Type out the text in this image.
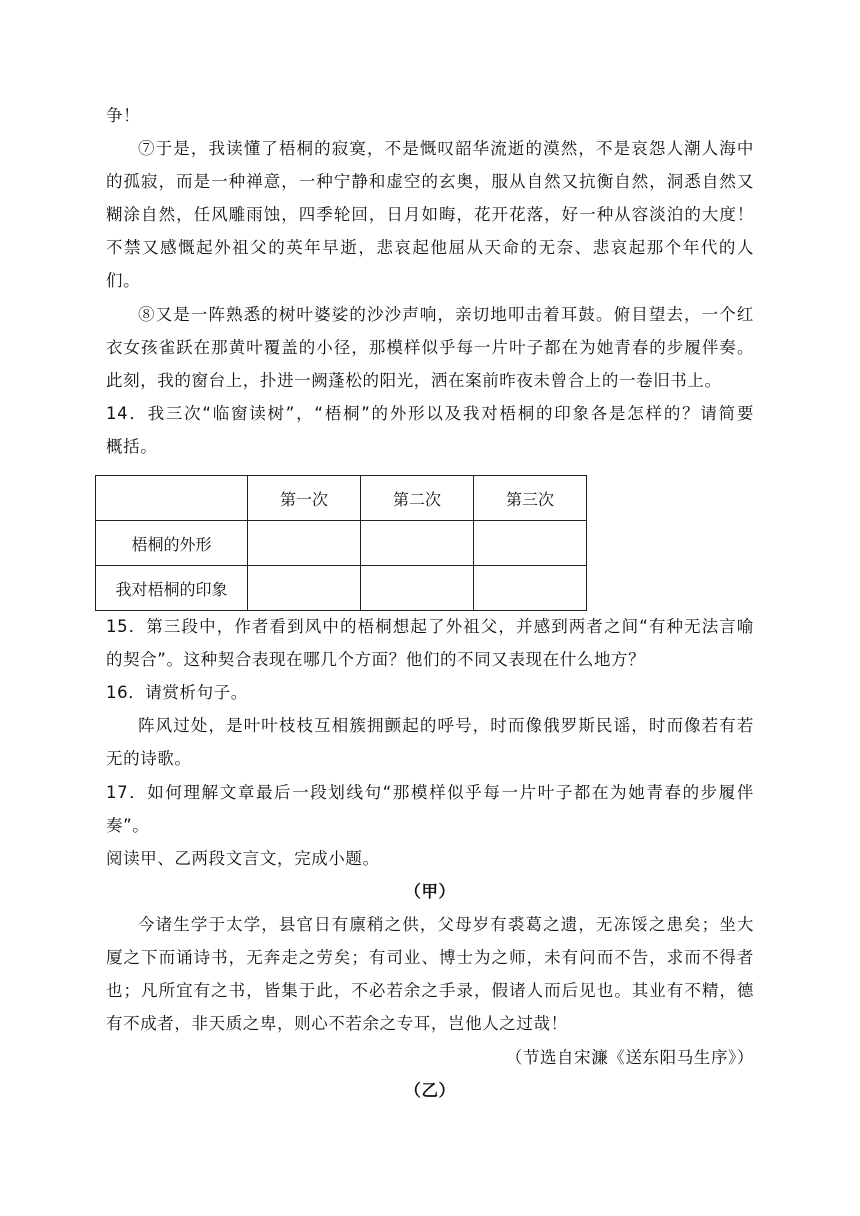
争！
⑦于是，我读懂了梧桐的寂寞，不是慨叹韶华流逝的漠然，不是哀怨人潮人海中
的孤寂，而是一种禅意，一种宁静和虚空的玄奥，服从自然又抗衡自然，洞悉自然又
糊涂自然，任风雕雨蚀，四季轮回，日月如晦，花开花落，好一种从容淡泊的大度！
不禁又感慨起外祖父的英年早逝，悲哀起他屈从天命的无奈、悲哀起那个年代的人
们。
⑧又是一阵熟悉的树叶婆娑的沙沙声响，亲切地叩击着耳鼓。俯目望去，一个红
衣女孩雀跃在那黄叶覆盖的小径，那模样似乎每一片叶子都在为她青春的步履伴奏。
此刻，我的窗台上，扑进一阙蓬松的阳光，洒在案前昨夜未曾合上的一卷旧书上。
14．我三次“临窗读树”，“梧桐”的外形以及我对梧桐的印象各是怎样的？请简要
概括。
	第一次	第二次	第三次
梧桐的外形			
我对梧桐的印象			
15．第三段中，作者看到风中的梧桐想起了外祖父，并感到两者之间“有种无法言喻
的契合”。这种契合表现在哪几个方面？他们的不同又表现在什么地方？
16．请赏析句子。
阵风过处，是叶叶枝枝互相簇拥颤起的呼号，时而像俄罗斯民谣，时而像若有若
无的诗歌。
17．如何理解文章最后一段划线句“那模样似乎每一片叶子都在为她青春的步履伴
奏”。
阅读甲、乙两段文言文，完成小题。
（甲）
今诸生学于太学，县官日有廪稍之供，父母岁有裘葛之遗，无冻馁之患矣；坐大
厦之下而诵诗书，无奔走之劳矣；有司业、博士为之师，未有问而不告，求而不得者
也；凡所宜有之书，皆集于此，不必若余之手录，假诸人而后见也。其业有不精，德
有不成者，非天质之卑，则心不若余之专耳，岂他人之过哉！
（节选自宋濂《送东阳马生序》）
（乙）
